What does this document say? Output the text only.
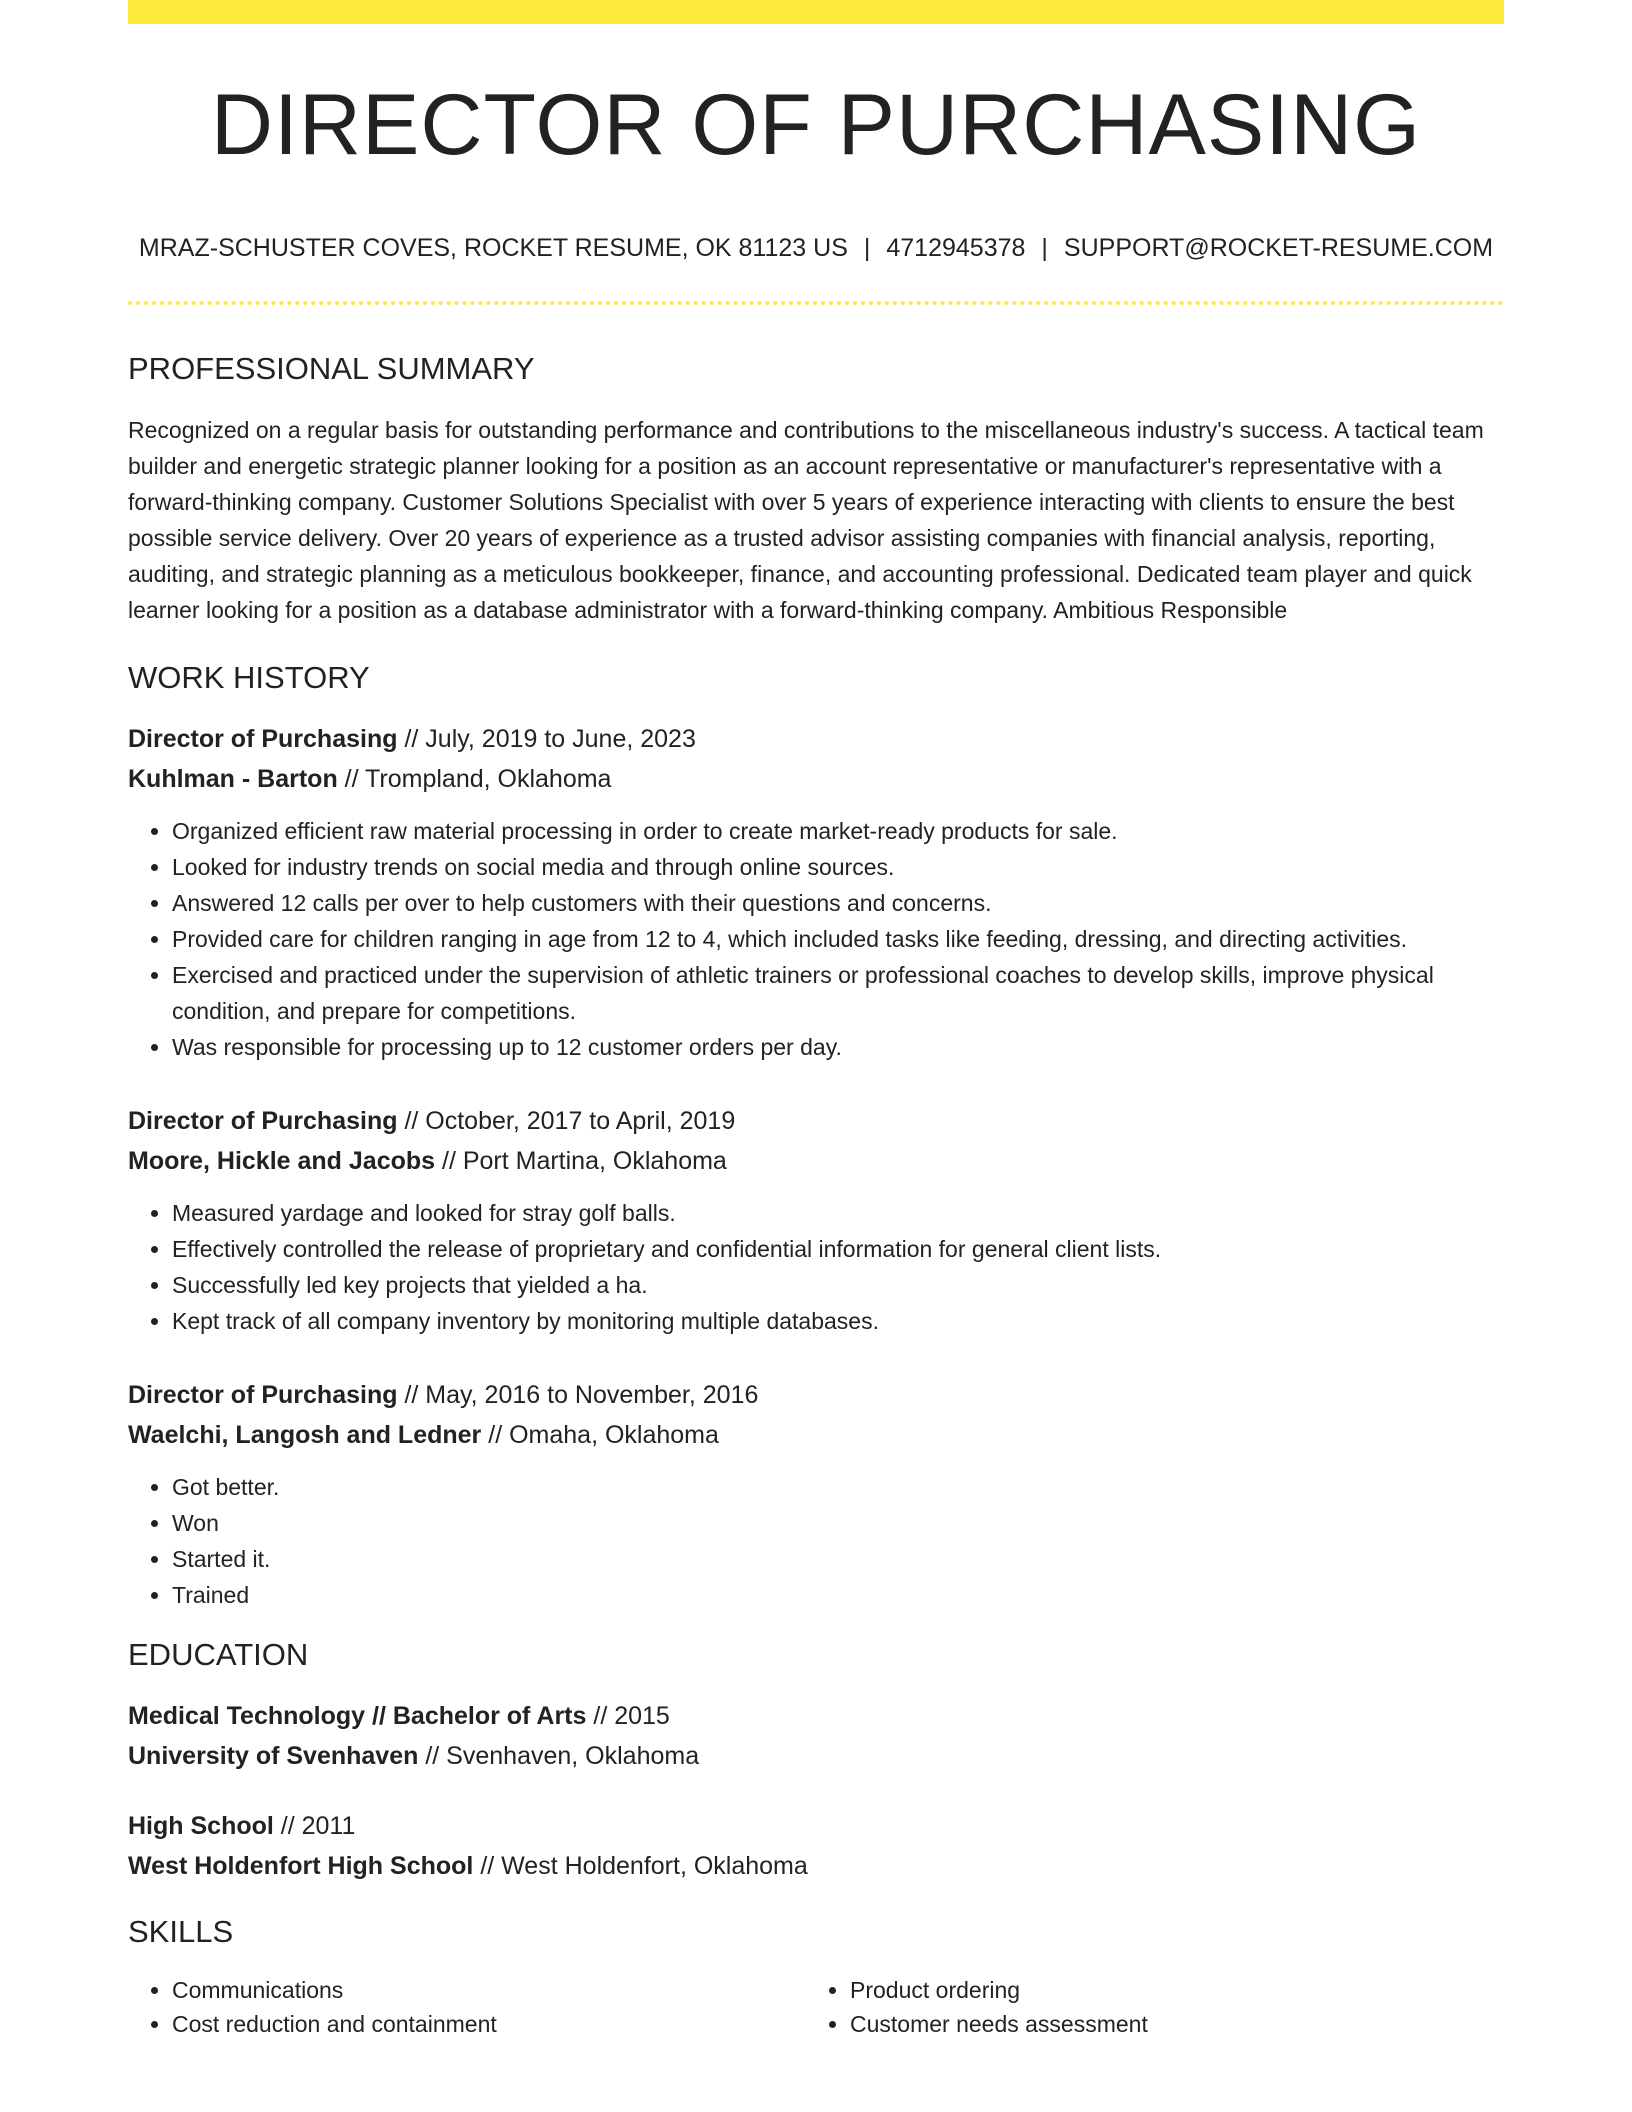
DIRECTOR OF PURCHASING
MRAZ-SCHUSTER COVES, ROCKET RESUME, OK 81123 US | 4712945378 | SUPPORT@ROCKET-RESUME.COM
PROFESSIONAL SUMMARY

Recognized on a regular basis for outstanding performance and contributions to the miscellaneous industry's success. A tactical team builder and energetic strategic planner looking for a position as an account representative or manufacturer's representative with a forward-thinking company. Customer Solutions Specialist with over 5 years of experience interacting with clients to ensure the best possible service delivery. Over 20 years of experience as a trusted advisor assisting companies with financial analysis, reporting, auditing, and strategic planning as a meticulous bookkeeper, finance, and accounting professional. Dedicated team player and quick learner looking for a position as a database administrator with a forward-thinking company. Ambitious Responsible

WORK HISTORY

Director of Purchasing // July, 2019 to June, 2023

Kuhlman - Barton // Trompland, Oklahoma

• Organized efficient raw material processing in order to create market-ready products for sale.
• Looked for industry trends on social media and through online sources.
• Answered 12 calls per over to help customers with their questions and concerns.
• Provided care for children ranging in age from 12 to 4, which included tasks like feeding, dressing, and directing activities.
• Exercised and practiced under the supervision of athletic trainers or professional coaches to develop skills, improve physical condition, and prepare for competitions.
• Was responsible for processing up to 12 customer orders per day.

Director of Purchasing // October, 2017 to April, 2019

Moore, Hickle and Jacobs // Port Martina, Oklahoma

• Measured yardage and looked for stray golf balls.
• Effectively controlled the release of proprietary and confidential information for general client lists.
• Successfully led key projects that yielded a ha.
• Kept track of all company inventory by monitoring multiple databases.

Director of Purchasing // May, 2016 to November, 2016

Waelchi, Langosh and Ledner // Omaha, Oklahoma

• Got better.
• Won
• Started it.
• Trained
EDUCATION

Medical Technology // Bachelor of Arts // 2015

University of Svenhaven // Svenhaven, Oklahoma

High School // 2011

West Holdenfort High School // West Holdenfort, Oklahoma

SKILLS
• Communications
• Cost reduction and containment
• Product ordering
• Customer needs assessment
